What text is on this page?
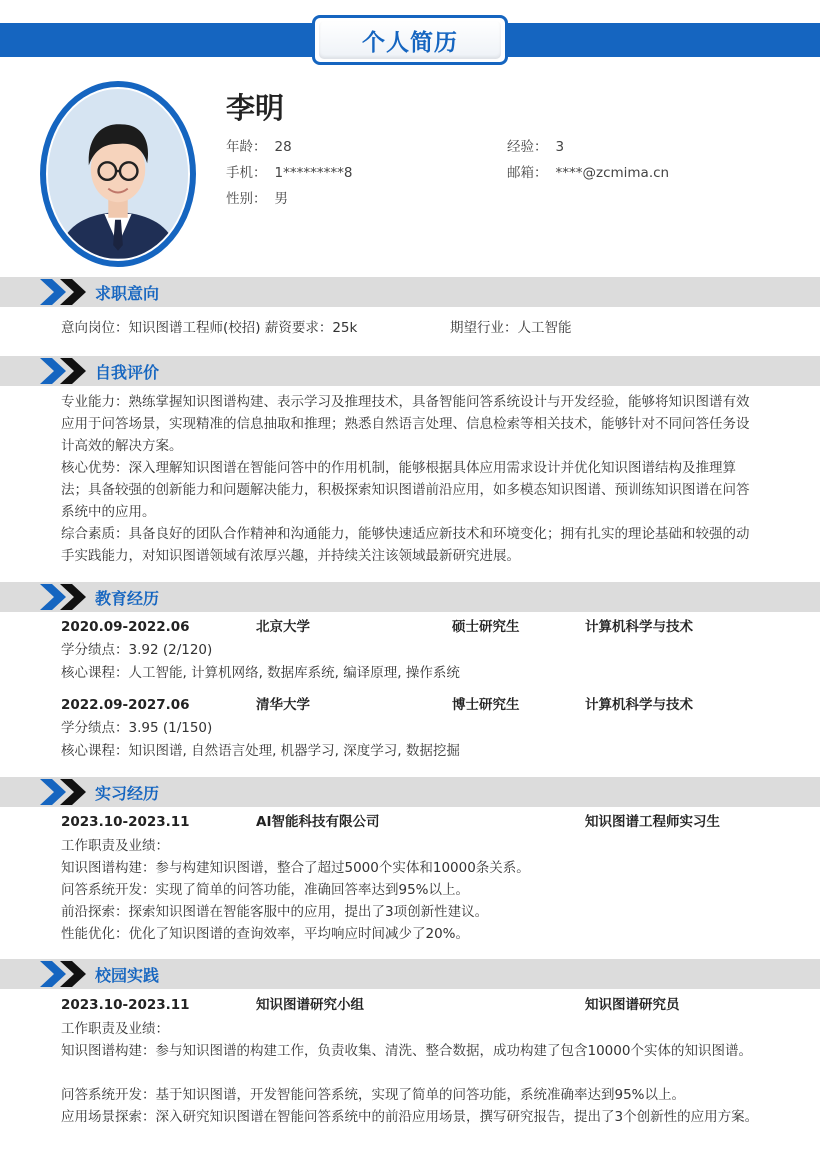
个人简历
李明
年龄： 28	经验： 3
手机： 1*********8	邮箱： ****@zcmima.cn
性别： 男
求职意向
意向岗位：知识图谱工程师(校招) 薪资要求：25k	期望行业：人工智能
自我评价
专业能力：熟练掌握知识图谱构建、表示学习及推理技术，具备智能问答系统设计与开发经验，能够将知识图谱有效应用于问答场景，实现精准的信息抽取和推理；熟悉自然语言处理、信息检索等相关技术，能够针对不同问答任务设计高效的解决方案。
核心优势：深入理解知识图谱在智能问答中的作用机制，能够根据具体应用需求设计并优化知识图谱结构及推理算法；具备较强的创新能力和问题解决能力，积极探索知识图谱前沿应用，如多模态知识图谱、预训练知识图谱在问答系统中的应用。
综合素质：具备良好的团队合作精神和沟通能力，能够快速适应新技术和环境变化；拥有扎实的理论基础和较强的动手实践能力，对知识图谱领域有浓厚兴趣，并持续关注该领域最新研究进展。
教育经历
2020.09-2022.06	北京大学	硕士研究生	计算机科学与技术
学分绩点：3.92 (2/120)
核心课程：人工智能, 计算机网络, 数据库系统, 编译原理, 操作系统
2022.09-2027.06	清华大学	博士研究生	计算机科学与技术
学分绩点：3.95 (1/150)
核心课程：知识图谱, 自然语言处理, 机器学习, 深度学习, 数据挖掘
实习经历
2023.10-2023.11	AI智能科技有限公司	知识图谱工程师实习生
工作职责及业绩：
知识图谱构建：参与构建知识图谱，整合了超过5000个实体和10000条关系。
问答系统开发：实现了简单的问答功能，准确回答率达到95%以上。
前沿探索：探索知识图谱在智能客服中的应用，提出了3项创新性建议。
性能优化：优化了知识图谱的查询效率，平均响应时间减少了20%。
校园实践
2023.10-2023.11	知识图谱研究小组	知识图谱研究员
工作职责及业绩：
知识图谱构建：参与知识图谱的构建工作，负责收集、清洗、整合数据，成功构建了包含10000个实体的知识图谱。
问答系统开发：基于知识图谱，开发智能问答系统，实现了简单的问答功能，系统准确率达到95%以上。
应用场景探索：深入研究知识图谱在智能问答系统中的前沿应用场景，撰写研究报告，提出了3个创新性的应用方案。
